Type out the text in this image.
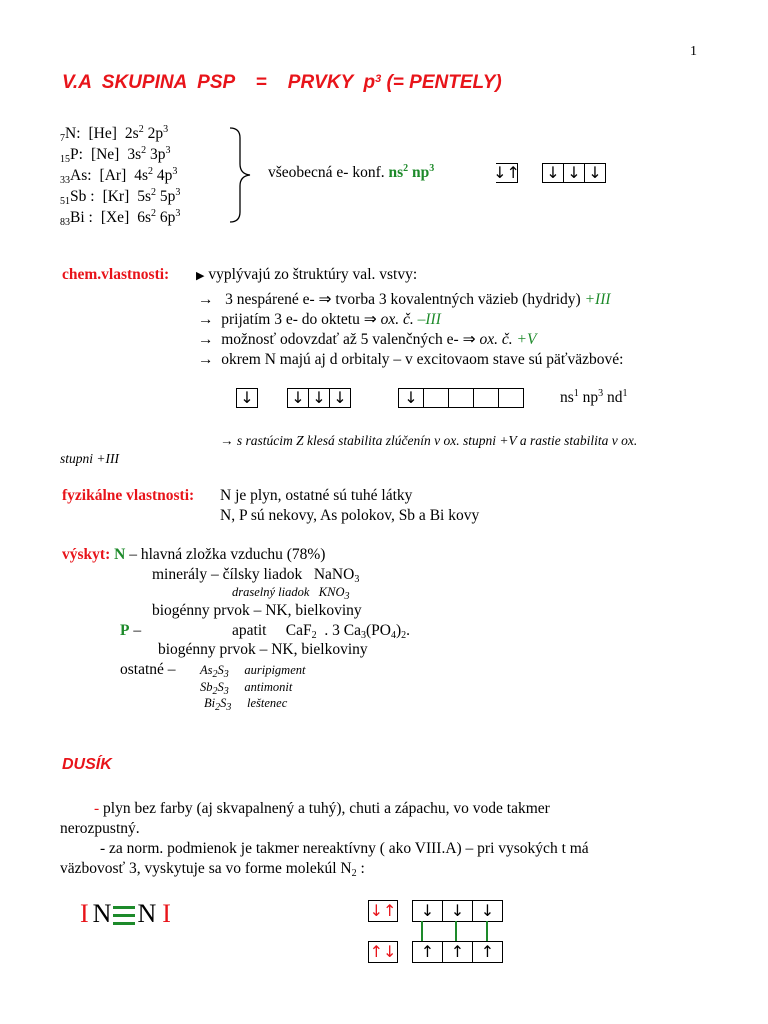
1
V.A  SKUPINA  PSP    =    PRVKY  $p^3$ (= PENTELY)
$_7$N: [He] $2s^2$ $2p^3$
$_{15}$P: [Ne] $3s^2$ $3p^3$
$_{33}$As: [Ar] $4s^2$ $4p^3$
$_{51}$Sb : [Kr] $5s^2$ $5p^3$
$_{83}$Bi : [Xe] $6s^2$ $6p^3$
všeobecná e- konf. $ns^2$ $np^3$	↓↑ ↓ ↓ ↓
chem.vlastnosti: ▶ vyplývajú zo štruktúry val. vstvy:
→ 3 nespárené e- ⇒ tvorba 3 kovalentných väzieb (hydridy) +III
→ prijatím 3 e- do oktetu ⇒ ox. č. –III
→ možnosť odovzdať až 5 valenčných e- ⇒ ox. č. +V
→ okrem N majú aj d orbitaly – v excitovaom stave sú päťväzbové:
↓ ↓ ↓ ↓	↓	$ns^1$ $np^3$ $nd^1$
→ s rastúcim Z klesá stabilita zlúčenín v ox. stupni +V a rastie stabilita v ox.
stupni +III
fyzikálne vlastnosti: N je plyn, ostatné sú tuhé látky
N, P sú nekovy, As polokov, Sb a Bi kovy
výskyt: N – hlavná zložka vzduchu (78%)
minerály – čílsky liadok   NaNO$_3$
draselný liadok $KNO_3$
biogénny prvok – NK, bielkoviny
P –	apatit     CaF$_2$  . 3 $Ca_3(PO_4)_2$.
biogénny prvok – NK, bielkoviny
ostatné – $As_2S_3$ auripigment
$Sb_2S_3$ antimonit
$Bi_2S_3$ leštenec
DUSÍK
- plyn bez farby (aj skvapalnený a tuhý), chuti a zápachu, vo vode takmer
nerozpustný.
- za norm. podmienok je takmer nereaktívny ( ako VIII.A) – pri vysokých t má
väzbovosť 3, vyskytuje sa vo forme molekúl $N_2$ :
I N N I	↓↑	↓	↓	↓
↑↓	↑	↑	↑
